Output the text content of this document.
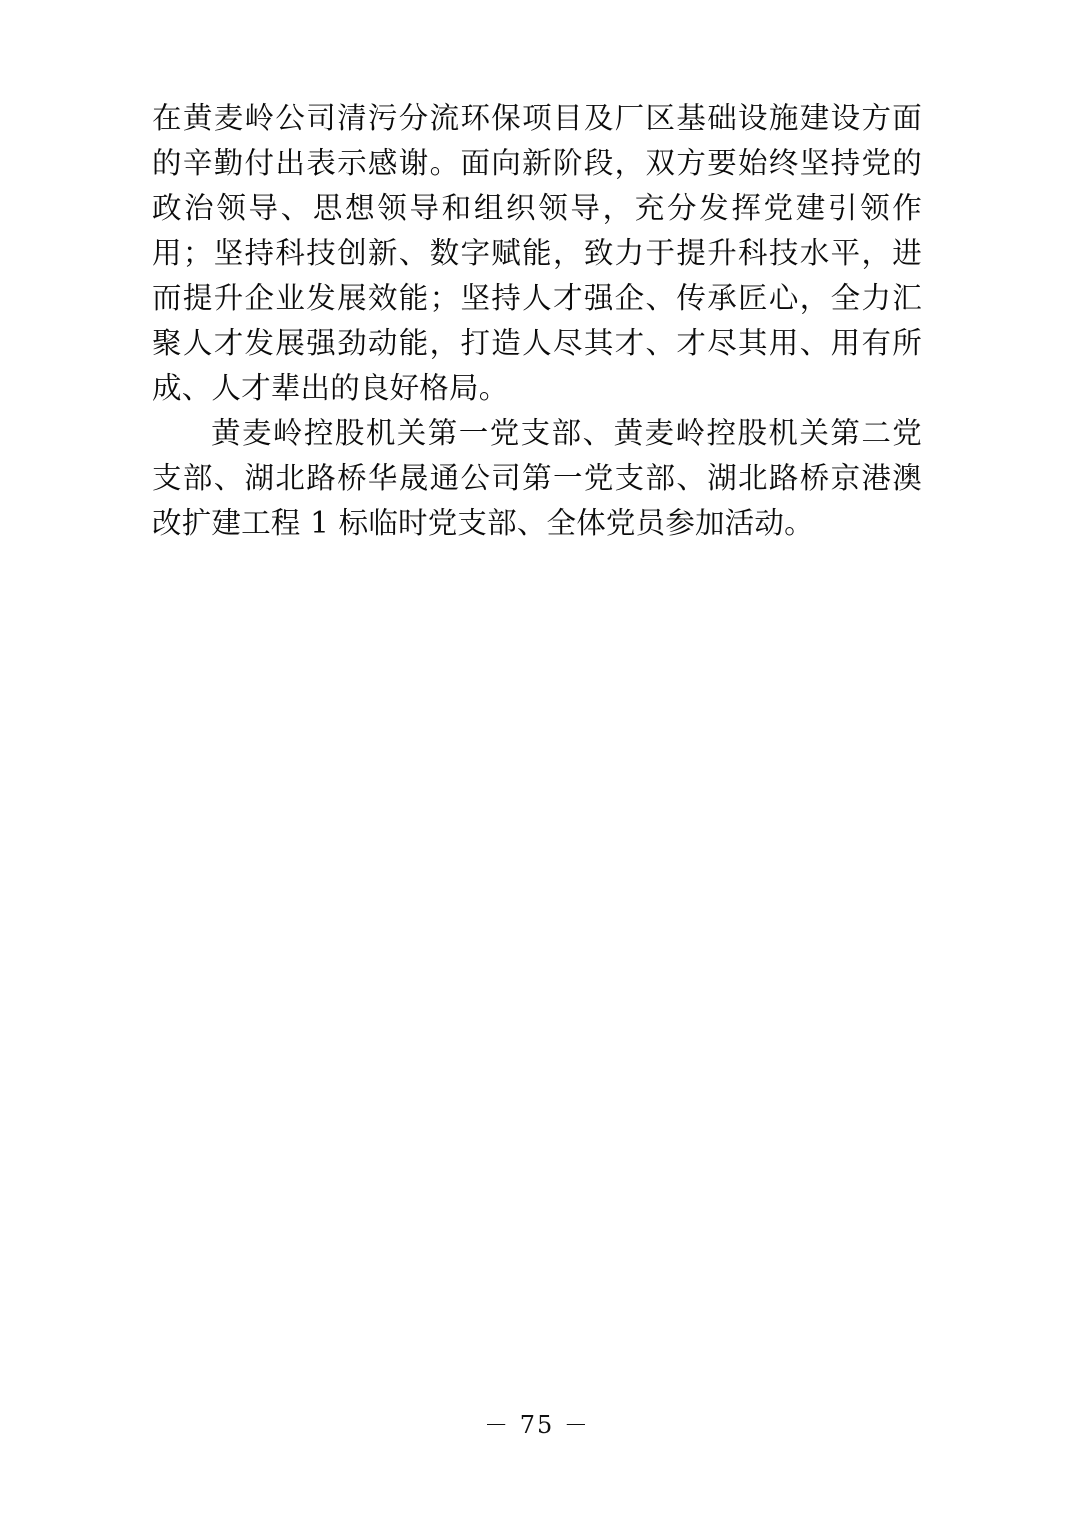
在黄麦岭公司清污分流环保项目及厂区基础设施建设方面的辛勤付出表示感谢。面向新阶段，双方要始终坚持党的政治领导、思想领导和组织领导，充分发挥党建引领作用；坚持科技创新、数字赋能，致力于提升科技水平，进而提升企业发展效能；坚持人才强企、传承匠心，全力汇聚人才发展强劲动能，打造人尽其才、才尽其用、用有所成、人才辈出的良好格局。

黄麦岭控股机关第一党支部、黄麦岭控股机关第二党支部、湖北路桥华晟通公司第一党支部、湖北路桥京港澳改扩建工程 1 标临时党支部、全体党员参加活动。

－ 75 －
